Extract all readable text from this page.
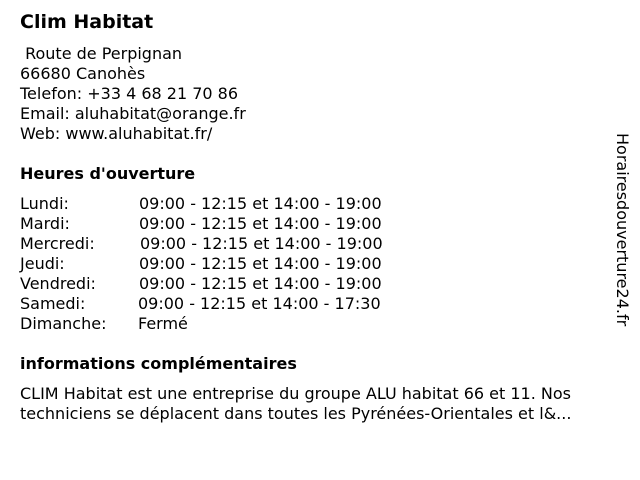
Clim Habitat
Route de Perpignan
66680 Canohès
Telefon: +33 4 68 21 70 86
Email: aluhabitat@orange.fr
Web: www.aluhabitat.fr/
Heures d'ouverture
Lundi:	09:00 - 12:15 et 14:00 - 19:00
Mardi:	09:00 - 12:15 et 14:00 - 19:00
Mercredi:	09:00 - 12:15 et 14:00 - 19:00
Jeudi:	09:00 - 12:15 et 14:00 - 19:00
Vendredi:	09:00 - 12:15 et 14:00 - 19:00
Samedi:	09:00 - 12:15 et 14:00 - 17:30
Dimanche: Fermé
informations complémentaires
CLIM Habitat est une entreprise du groupe ALU habitat 66 et 11. Nos
techniciens se déplacent dans toutes les Pyrénées-Orientales et l&...
Horairesdouverture24.fr
